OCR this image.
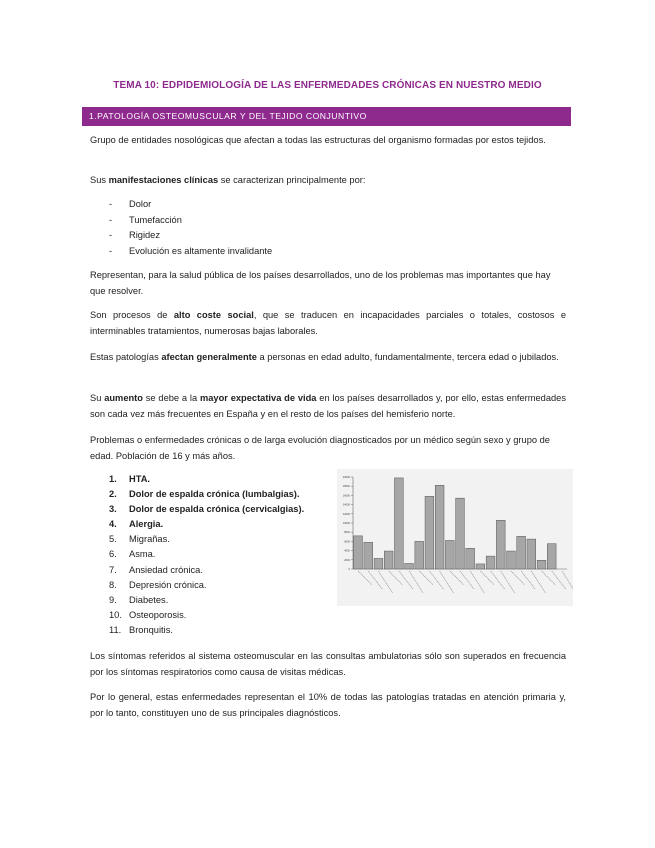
TEMA 10: EDPIDEMIOLOGÍA DE LAS ENFERMEDADES CRÓNICAS EN NUESTRO MEDIO
1.PATOLOGÍA OSTEOMUSCULAR Y DEL TEJIDO CONJUNTIVO
Grupo de entidades nosológicas que afectan a todas las estructuras del organismo formadas por estos tejidos.
Sus manifestaciones clínicas se caracterizan principalmente por:
-	Dolor
-	Tumefacción
-	Rigidez
-	Evolución es altamente invalidante
Representan, para la salud pública de los países desarrollados, uno de los problemas mas importantes que hay que resolver.
Son procesos de alto coste social, que se traducen en incapacidades parciales o totales, costosos e interminables tratamientos, numerosas bajas laborales.
Estas patologías afectan generalmente a personas en edad adulto, fundamentalmente, tercera edad o jubilados.
Su aumento se debe a la mayor expectativa de vida en los países desarrollados y, por ello, estas enfermedades son cada vez más frecuentes en España y en el resto de los países del hemisferio norte.
Problemas o enfermedades crónicas o de larga evolución diagnosticados por un médico según sexo y grupo de edad. Población de 16 y más años.
1.	HTA.
2.	Dolor de espalda crónica (lumbalgias).
3.	Dolor de espalda crónica (cervicalgias).
4.	Alergia.
5.	Migrañas.
6.	Asma.
7.	Ansiedad crónica.
8.	Depresión crónica.
9.	Diabetes.
10. Osteoporosis.
11. Bronquitis.
0
2000
4000
6000
8000
10000
12000
14000
16000
18000
20000
Los síntomas referidos al sistema osteomuscular en las consultas ambulatorias sólo son superados en frecuencia por los síntomas respiratorios como causa de visitas médicas.
Por lo general, estas enfermedades representan el 10% de todas las patologías tratadas en atención primaria y, por lo tanto, constituyen uno de sus principales diagnósticos.
